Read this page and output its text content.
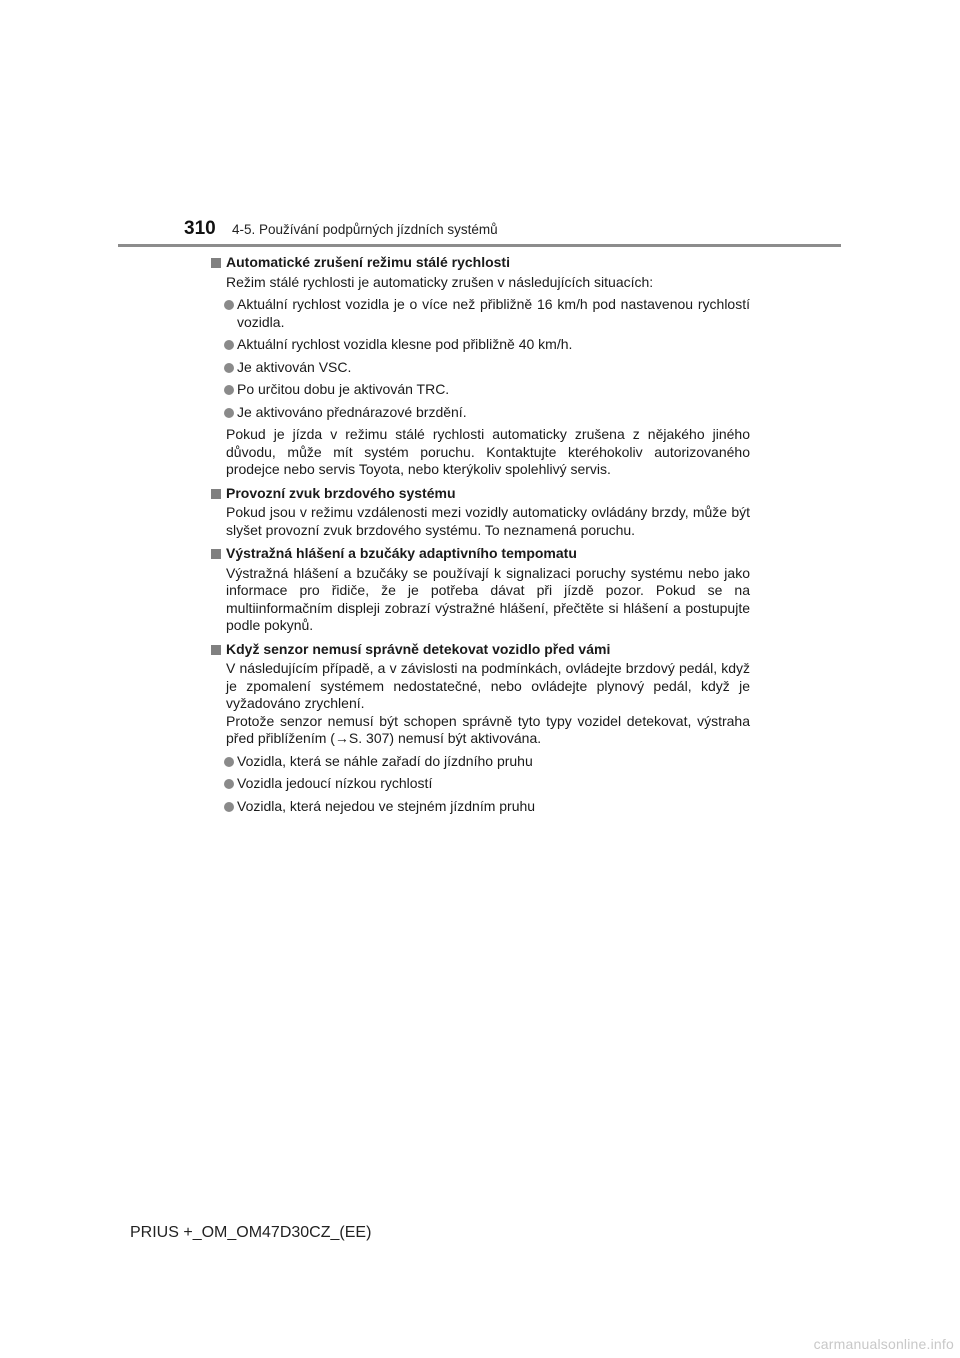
310 4-5. Používání podpůrných jízdních systémů
Automatické zrušení režimu stálé rychlosti
Režim stálé rychlosti je automaticky zrušen v následujících situacích:
Aktuální rychlost vozidla je o více než přibližně 16 km/h pod nastavenou rychlostí vozidla.
Aktuální rychlost vozidla klesne pod přibližně 40 km/h.
Je aktivován VSC.
Po určitou dobu je aktivován TRC.
Je aktivováno přednárazové brzdění.
Pokud je jízda v režimu stálé rychlosti automaticky zrušena z nějakého jiného důvodu, může mít systém poruchu. Kontaktujte kteréhokoliv autorizovaného prodejce nebo servis Toyota, nebo kterýkoliv spolehlivý servis.
Provozní zvuk brzdového systému
Pokud jsou v režimu vzdálenosti mezi vozidly automaticky ovládány brzdy, může být slyšet provozní zvuk brzdového systému. To neznamená poruchu.
Výstražná hlášení a bzučáky adaptivního tempomatu
Výstražná hlášení a bzučáky se používají k signalizaci poruchy systému nebo jako informace pro řidiče, že je potřeba dávat při jízdě pozor. Pokud se na multiinformačním displeji zobrazí výstražné hlášení, přečtěte si hlášení a postupujte podle pokynů.
Když senzor nemusí správně detekovat vozidlo před vámi
V následujícím případě, a v závislosti na podmínkách, ovládejte brzdový pedál, když je zpomalení systémem nedostatečné, nebo ovládejte plynový pedál, když je vyžadováno zrychlení.
Protože senzor nemusí být schopen správně tyto typy vozidel detekovat, výstraha před přiblížením (→S. 307) nemusí být aktivována.
Vozidla, která se náhle zařadí do jízdního pruhu
Vozidla jedoucí nízkou rychlostí
Vozidla, která nejedou ve stejném jízdním pruhu
PRIUS +_OM_OM47D30CZ_(EE)
carmanualsonline.info
